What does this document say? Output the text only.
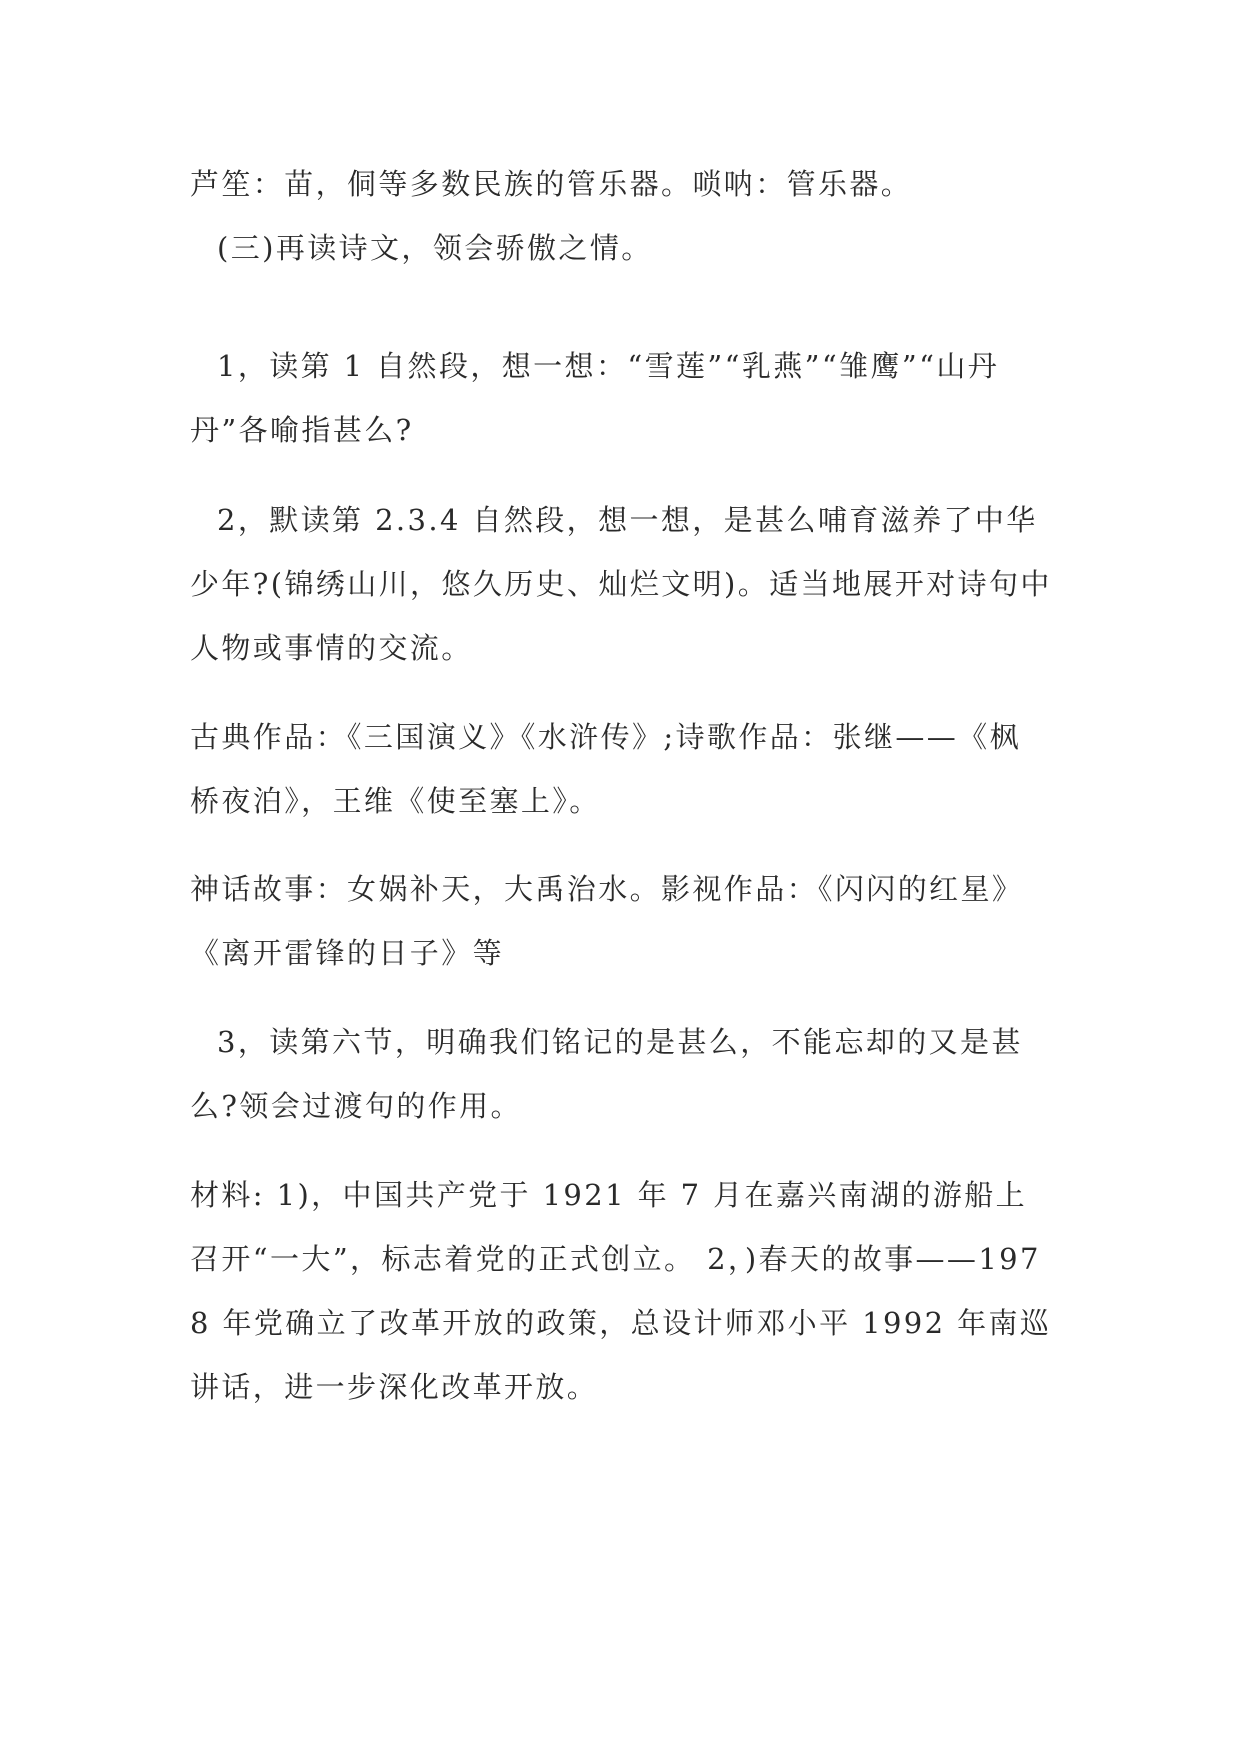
芦笙：苗，侗等多数民族的管乐器。唢呐：管乐器。

(三)再读诗文，领会骄傲之情。

1，读第 1 自然段，想一想：“雪莲”“乳燕”“雏鹰”“山丹丹”各喻指甚么?

2，默读第 2.3.4 自然段，想一想，是甚么哺育滋养了中华少年?(锦绣山川，悠久历史、灿烂文明)。适当地展开对诗句中人物或事情的交流。

古典作品：《三国演义》《水浒传》;诗歌作品：张继——《枫桥夜泊》，王维《使至塞上》。

神话故事：女娲补天，大禹治水。影视作品：《闪闪的红星》《离开雷锋的日子》等

3，读第六节，明确我们铭记的是甚么，不能忘却的又是甚么?领会过渡句的作用。

材料: 1)，中国共产党于 1921 年 7 月在嘉兴南湖的游船上召开“一大”，标志着党的正式创立。 2，)春天的故事——1978 年党确立了改革开放的政策，总设计师邓小平 1992 年南巡讲话，进一步深化改革开放。
